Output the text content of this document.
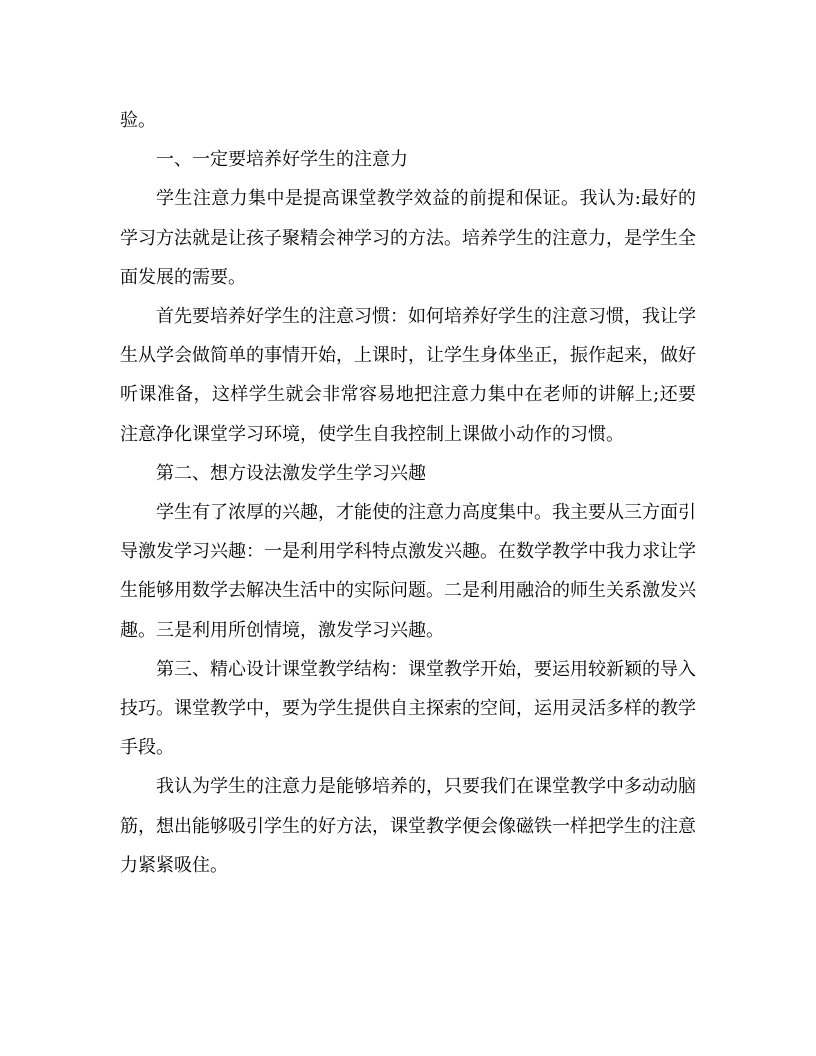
验。

一、一定要培养好学生的注意力

学生注意力集中是提高课堂教学效益的前提和保证。我认为:最好的学习方法就是让孩子聚精会神学习的方法。培养学生的注意力，是学生全面发展的需要。

首先要培养好学生的注意习惯：如何培养好学生的注意习惯，我让学生从学会做简单的事情开始，上课时，让学生身体坐正，振作起来，做好听课准备，这样学生就会非常容易地把注意力集中在老师的讲解上;还要注意净化课堂学习环境，使学生自我控制上课做小动作的习惯。

第二、想方设法激发学生学习兴趣

学生有了浓厚的兴趣，才能使的注意力高度集中。我主要从三方面引导激发学习兴趣：一是利用学科特点激发兴趣。在数学教学中我力求让学生能够用数学去解决生活中的实际问题。二是利用融洽的师生关系激发兴趣。三是利用所创情境，激发学习兴趣。

第三、精心设计课堂教学结构：课堂教学开始，要运用较新颖的导入技巧。课堂教学中，要为学生提供自主探索的空间，运用灵活多样的教学手段。

我认为学生的注意力是能够培养的，只要我们在课堂教学中多动动脑筋，想出能够吸引学生的好方法，课堂教学便会像磁铁一样把学生的注意力紧紧吸住。
